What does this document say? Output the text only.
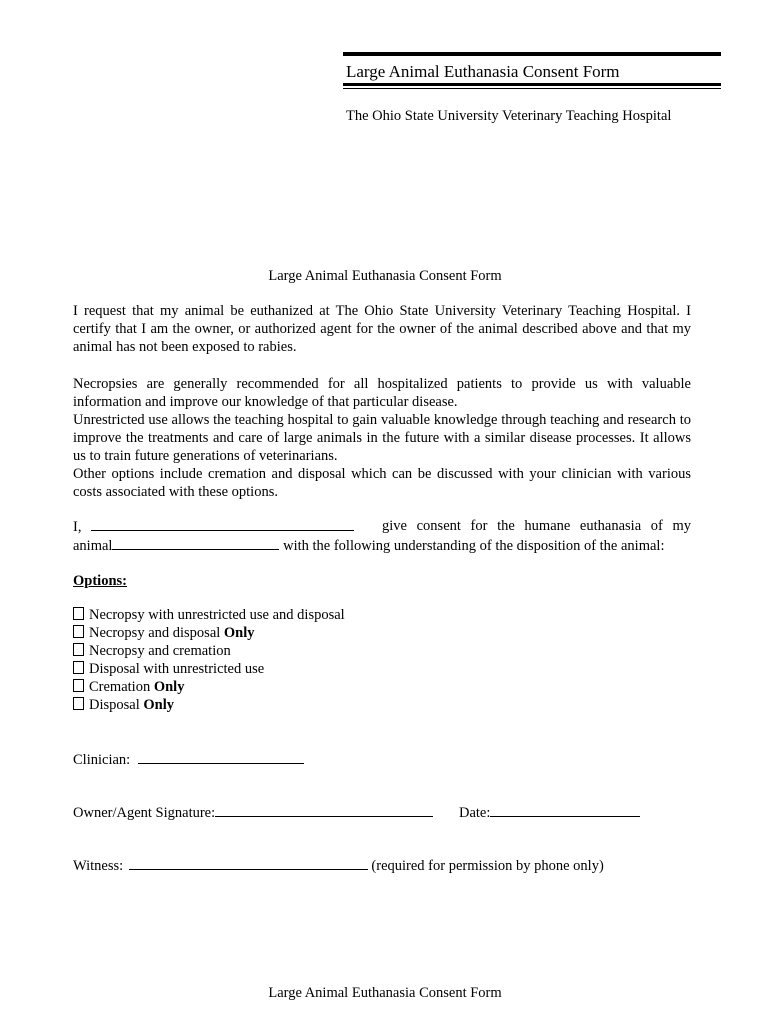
Large Animal Euthanasia Consent Form
The Ohio State University Veterinary Teaching Hospital
Large Animal Euthanasia Consent Form

I request that my animal be euthanized at The Ohio State University Veterinary Teaching Hospital. I certify that I am the owner, or authorized agent for the owner of the animal described above and that my animal has not been exposed to rabies.

Necropsies are generally recommended for all hospitalized patients to provide us with valuable information and improve our knowledge of that particular disease.
Unrestricted use allows the teaching hospital to gain valuable knowledge through teaching and research to improve the treatments and care of large animals in the future with a similar disease processes. It allows us to train future generations of veterinarians.
Other options include cremation and disposal which can be discussed with your clinician with various costs associated with these options.
I,	give consent for the humane euthanasia of my
animal	with the following understanding of the disposition of the animal:
Options:
Necropsy with unrestricted use and disposal
Necropsy and disposal Only
Necropsy and cremation
Disposal with unrestricted use
Cremation Only
Disposal Only
Clinician:
Owner/Agent Signature:	Date:
Witness:	(required for permission by phone only)
Large Animal Euthanasia Consent Form
